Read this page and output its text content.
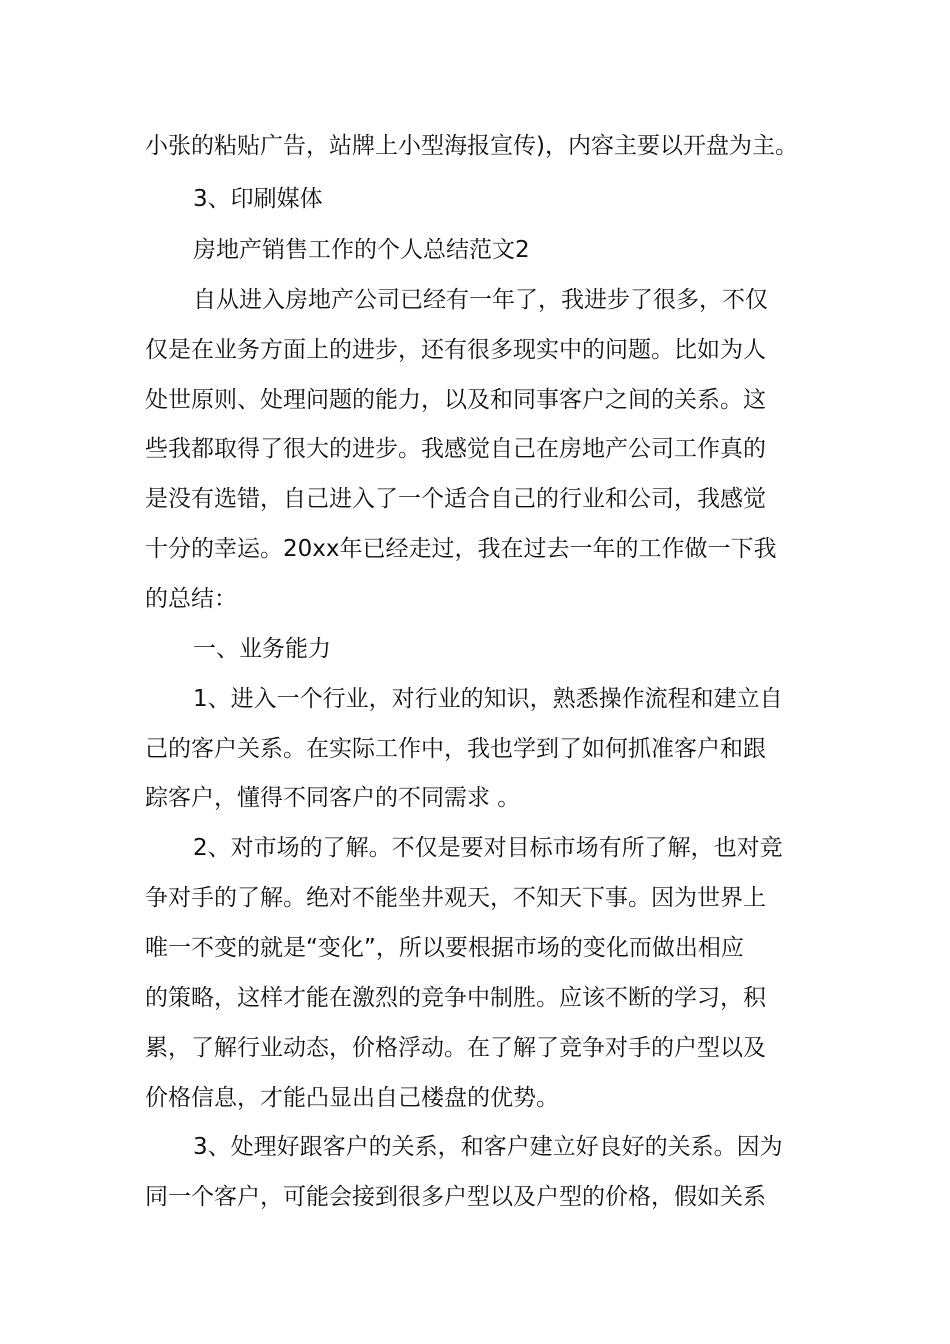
小张的粘贴广告，站牌上小型海报宣传)，内容主要以开盘为主。
3、印刷媒体
房地产销售工作的个人总结范文2
自从进入房地产公司已经有一年了，我进步了很多，不仅
仅是在业务方面上的进步，还有很多现实中的问题。比如为人
处世原则、处理问题的能力，以及和同事客户之间的关系。这
些我都取得了很大的进步。我感觉自己在房地产公司工作真的
是没有选错，自己进入了一个适合自己的行业和公司，我感觉
十分的幸运。20xx年已经走过，我在过去一年的工作做一下我
的总结：
一、业务能力
1、进入一个行业，对行业的知识，熟悉操作流程和建立自
己的客户关系。在实际工作中，我也学到了如何抓准客户和跟
踪客户，懂得不同客户的不同需求 。
2、对市场的了解。不仅是要对目标市场有所了解，也对竞
争对手的了解。绝对不能坐井观天，不知天下事。因为世界上
唯一不变的就是“变化”，所以要根据市场的变化而做出相应
的策略，这样才能在激烈的竞争中制胜。应该不断的学习，积
累，了解行业动态，价格浮动。在了解了竞争对手的户型以及
价格信息，才能凸显出自己楼盘的优势。
3、处理好跟客户的关系，和客户建立好良好的关系。因为
同一个客户，可能会接到很多户型以及户型的价格，假如关系
